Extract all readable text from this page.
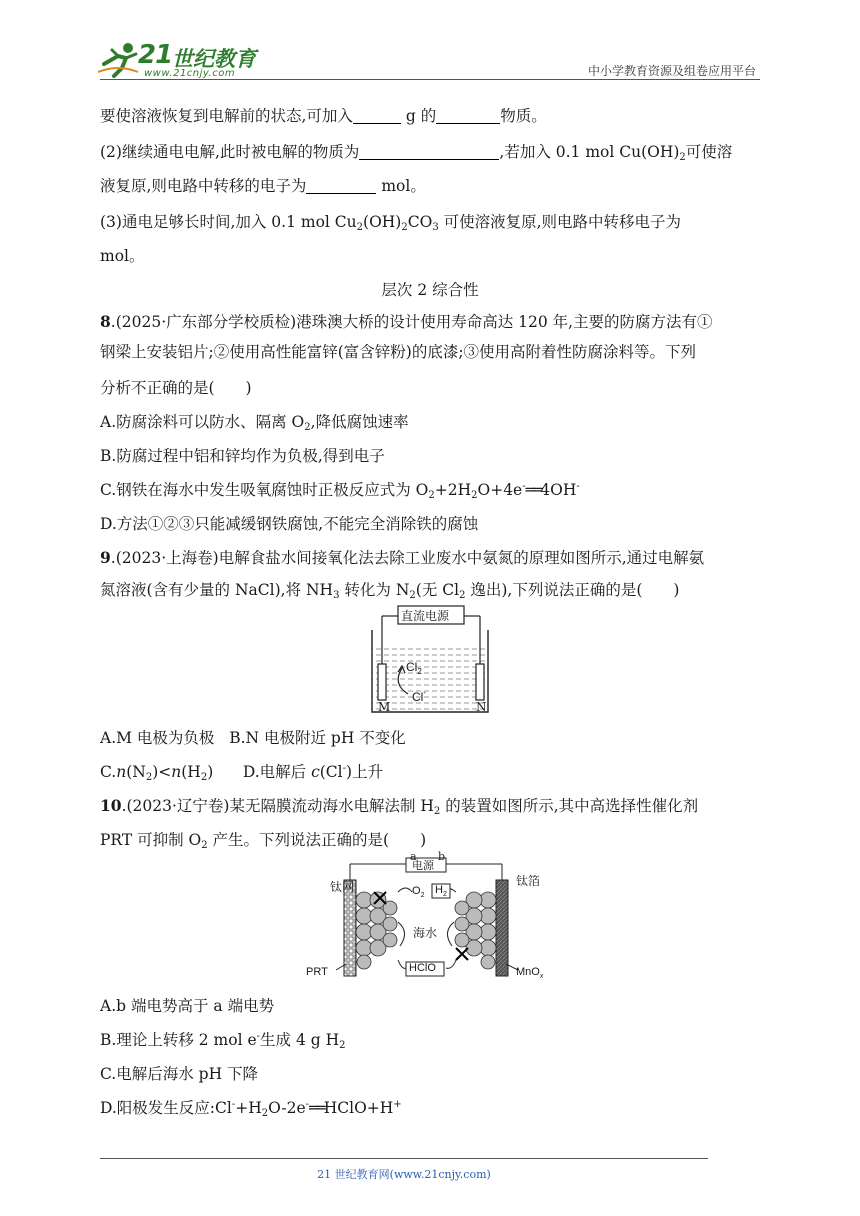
21 世纪教育
www.21cnjy.com	中小学教育资源及组卷应用平台
要使溶液恢复到电解前的状态,可加入	g 的	物质。
(2)继续通电电解,此时被电解的物质为	,若加入 0.1 mol $Cu(OH)_2$可使溶
液复原,则电路中转移的电子为	mol。
(3)通电足够长时间,加入 0.1 mol $Cu_2(OH)_2CO_3$ 可使溶液复原,则电路中转移电子为
mol。
层次 2 综合性
8.(2025·广东部分学校质检)港珠澳大桥的设计使用寿命高达 120 年,主要的防腐方法有①
钢梁上安装铝片;②使用高性能富锌(富含锌粉)的底漆;③使用高附着性防腐涂料等。下列
分析不正确的是(　　)
A.防腐涂料可以防水、隔离 $O_2$,降低腐蚀速率
B.防腐过程中铝和锌均作为负极,得到电子
C.钢铁在海水中发生吸氧腐蚀时正极反应式为 $O_2+2H_2O+4e^-══4OH^-$
D.方法①②③只能减缓钢铁腐蚀,不能完全消除铁的腐蚀
9.(2023·上海卷)电解食盐水间接氧化法去除工业废水中氨氮的原理如图所示,通过电解氨
氮溶液(含有少量的 NaCl),将 $NH_3$ 转化为 $N_2$(无 $Cl_2$ 逸出),下列说法正确的是(　　)
直流电源
$Cl_2$
Cl-
M	N
A.M 电极为负极 B.N 电极附近 pH 不变化
$C.n(N_2)<n(H_2)$ D.电解后 c(Cl-)上升
10.(2023·辽宁卷)某无隔膜流动海水电解法制 $H_2$ 的装置如图所示,其中高选择性催化剂
PRT 可抑制 $O_2$ 产生。下列说法正确的是(　　)
a b
电源
钛网	钛箔
$O_2$ $H_2$
海水
HClO
PRT	MnO$_x$
A.b 端电势高于 a 端电势
B.理论上转移 2 mol e-生成 4 g $H_2$
C.电解后海水 pH 下降
D.阳极发生反应$:Cl^-+H_2O-2e^-══HClO+H^+$
21 世纪教育网(www.21cnjy.com)
